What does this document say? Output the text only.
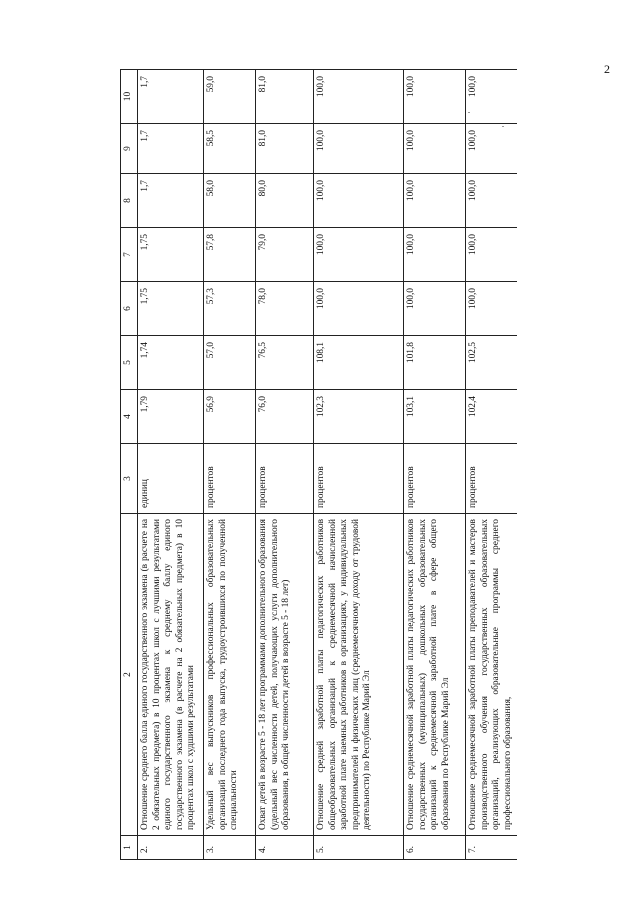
2
1	2	3	4	5	6	7	8	9	10
2.	Отношение среднего балла единого государственного экзамена (в расчете на 2 обязательных предмета) в 10 процентах школ с лучшими результатами единого государственного экзамена к среднему баллу единого государственного экзамена (в расчете на 2 обязательных предмета) в 10 процентах школ с худшими результатами	единиц	1,79	1,74	1,75	1,75	1,7	1,7	1,7
3.	Удельный вес выпускников профессиональных образовательных организаций последнего года выпуска, трудоустроившихся по полученной специальности	процентов	56,9	57,0	57,3	57,8	58,0	58,5	59,0
4.	Охват детей в возрасте 5 - 18 лет программами дополнительного образования (удельный вес численности детей, получающих услуги дополнительного образования, в общей численности детей в возрасте 5 - 18 лет)	процентов	76,0	76,5	78,0	79,0	80,0	81,0	81,0
5.	Отношение средней заработной платы педагогических работников общеобразовательных организаций к среднемесячной начисленной заработной плате наемных работников в организациях, у индивидуальных предпринимателей и физических лиц (среднемесячному доходу от трудовой деятельности) по Республике Марий Эл	процентов	102,3	108,1	100,0	100,0	100,0	100,0	100,0
6.	Отношение среднемесячной заработной платы педагогических работников государственных (муниципальных) дошкольных образовательных организаций к среднемесячной заработной плате в сфере общего образования по Республике Марий Эл	процентов	103,1	101,8	100,0	100,0	100,0	100,0	100,0
7.	Отношение среднемесячной заработной платы преподавателей и мастеров производственного обучения государственных образовательных организаций, реализующих образовательные программы среднего профессионального образования,	процентов	102,4	102,5	100,0	100,0	100,0	100,0	100,0
